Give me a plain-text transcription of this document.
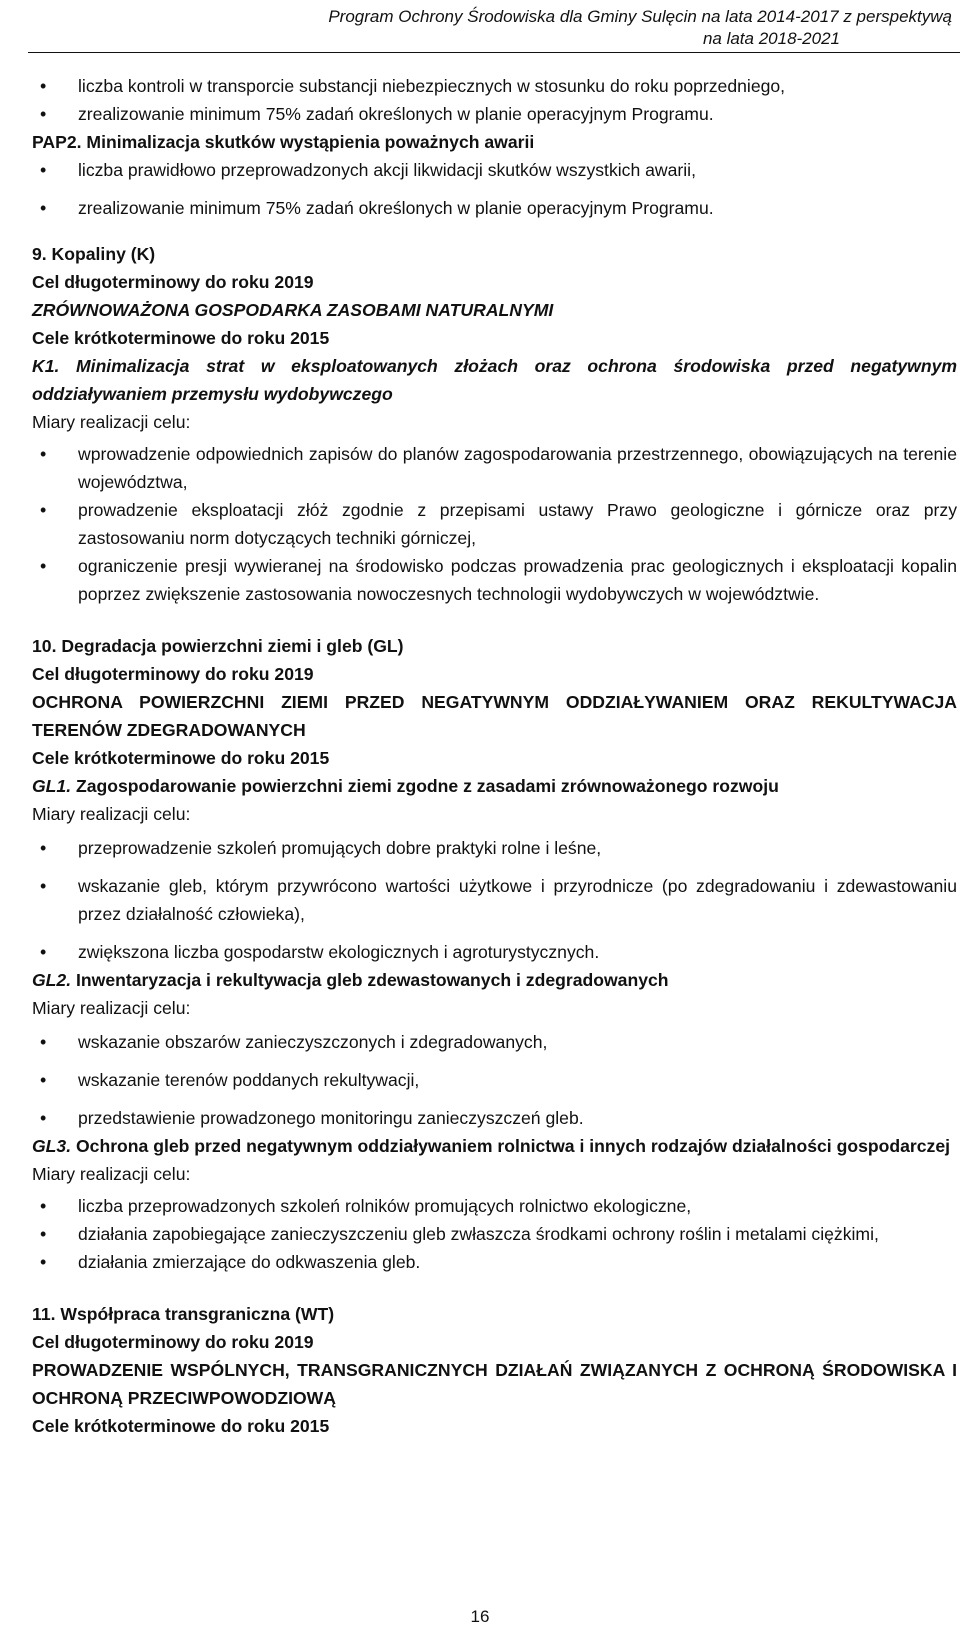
Program Ochrony Środowiska dla Gminy Sulęcin na lata 2014-2017 z perspektywą
na lata 2018-2021
• liczba kontroli w transporcie substancji niebezpiecznych w stosunku do roku poprzedniego,
• zrealizowanie minimum 75% zadań określonych w planie operacyjnym Programu.

PAP2. Minimalizacja skutków wystąpienia poważnych awarii

• liczba prawidłowo przeprowadzonych akcji likwidacji skutków wszystkich awarii,
• zrealizowanie minimum 75% zadań określonych w planie operacyjnym Programu.

9. Kopaliny (K)

Cel długoterminowy do roku 2019

ZRÓWNOWAŻONA GOSPODARKA ZASOBAMI NATURALNYMI

Cele krótkoterminowe do roku 2015

K1. Minimalizacja strat w eksploatowanych złożach oraz ochrona środowiska przed negatywnym oddziaływaniem przemysłu wydobywczego

Miary realizacji celu:

• wprowadzenie odpowiednich zapisów do planów zagospodarowania przestrzennego, obowiązujących na terenie województwa,
• prowadzenie eksploatacji złóż zgodnie z przepisami ustawy Prawo geologiczne i górnicze oraz przy zastosowaniu norm dotyczących techniki górniczej,
• ograniczenie presji wywieranej na środowisko podczas prowadzenia prac geologicznych i eksploatacji kopalin poprzez zwiększenie zastosowania nowoczesnych technologii wydobywczych w województwie.

10. Degradacja powierzchni ziemi i gleb (GL)

Cel długoterminowy do roku 2019

OCHRONA POWIERZCHNI ZIEMI PRZED NEGATYWNYM ODDZIAŁYWANIEM ORAZ REKULTYWACJA TERENÓW ZDEGRADOWANYCH

Cele krótkoterminowe do roku 2015

GL1. Zagospodarowanie powierzchni ziemi zgodne z zasadami zrównoważonego rozwoju

Miary realizacji celu:

• przeprowadzenie szkoleń promujących dobre praktyki rolne i leśne,
• wskazanie gleb, którym przywrócono wartości użytkowe i przyrodnicze (po zdegradowaniu i zdewastowaniu przez działalność człowieka),
• zwiększona liczba gospodarstw ekologicznych i agroturystycznych.

GL2. Inwentaryzacja i rekultywacja gleb zdewastowanych i zdegradowanych

Miary realizacji celu:

• wskazanie obszarów zanieczyszczonych i zdegradowanych,
• wskazanie terenów poddanych rekultywacji,
• przedstawienie prowadzonego monitoringu zanieczyszczeń gleb.

GL3. Ochrona gleb przed negatywnym oddziaływaniem rolnictwa i innych rodzajów działalności gospodarczej

Miary realizacji celu:

• liczba przeprowadzonych szkoleń rolników promujących rolnictwo ekologiczne,
• działania zapobiegające zanieczyszczeniu gleb zwłaszcza środkami ochrony roślin i metalami ciężkimi,
• działania zmierzające do odkwaszenia gleb.

11. Współpraca transgraniczna (WT)

Cel długoterminowy do roku 2019

PROWADZENIE WSPÓLNYCH, TRANSGRANICZNYCH DZIAŁAŃ ZWIĄZANYCH Z OCHRONĄ ŚRODOWISKA I OCHRONĄ PRZECIWPOWODZIOWĄ

Cele krótkoterminowe do roku 2015

16
